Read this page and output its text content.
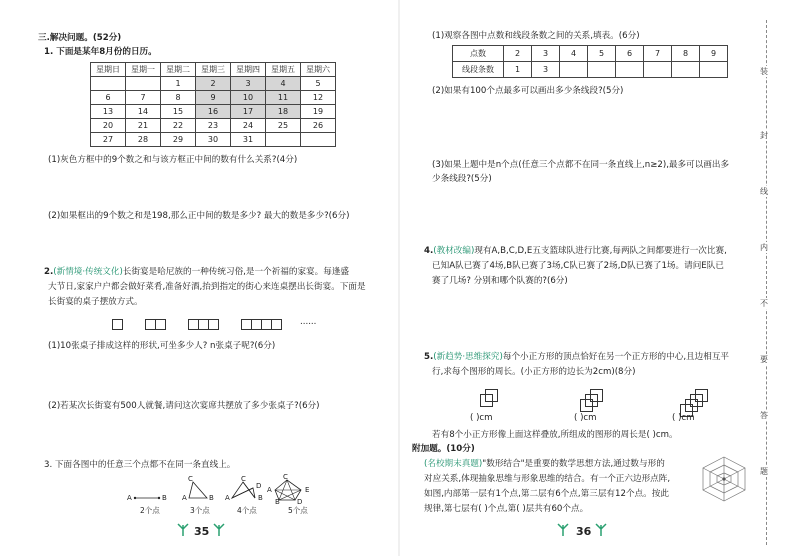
三.解决问题。(52分)
1. 下面是某年8月份的日历。
星期日	星期一	星期二	星期三	星期四	星期五	星期六
		1	2	3	4	5
6	7	8	9	10	11	12
13	14	15	16	17	18	19
20	21	22	23	24	25	26
27	28	29	30	31		
(1)灰色方框中的9个数之和与该方框正中间的数有什么关系?(4分)
(2)如果框出的9个数之和是198,那么正中间的数是多少? 最大的数是多少?(6分)
2.(新情境·传统文化)长街宴是哈尼族的一种传统习俗,是一个祈福的家宴。每逢盛
大节日,家家户户都会做好菜肴,准备好酒,抬到指定的街心来连桌摆出长街宴。下面是
长街宴的桌子摆放方式。
......
(1)10张桌子排成这样的形状,可坐多少人? n张桌子呢?(6分)
(2)若某次长街宴有500人就餐,请问这次宴席共摆放了多少张桌子?(6分)
3. 下面各图中的任意三个点都不在同一条直线上。
A	B A
C
B A
C
B
D A
C
E
B D
2个点	3个点	4个点	5个点
35
(1)观察各图中点数和线段条数之间的关系,填表。(6分)
点数	2	3	4	5	6	7	8	9
线段条数	1	3						
(2)如果有100个点最多可以画出多少条线段?(5分)
(3)如果上题中是n个点(任意三个点都不在同一条直线上,n≥2),最多可以画出多
少条线段?(5分)
4.(教材改编)现有A,B,C,D,E五支篮球队进行比赛,每两队之间都要进行一次比赛,
已知A队已赛了4场,B队已赛了3场,C队已赛了2场,D队已赛了1场。请问E队已
赛了几场? 分别和哪个队赛的?(6分)
5.(新趋势·思维探究)每个小正方形的顶点恰好在另一个正方形的中心,且边相互平
行,求每个图形的周长。(小正方形的边长为2cm)(8分)
( )cm	( )cm	( )cm
若有8个小正方形像上面这样叠放,所组成的图形的周长是( )cm。
附加题。(10分)
(名校期末真题)"数形结合"是重要的数学思想方法,通过数与形的
对应关系,体现抽象思维与形象思维的结合。有一个正六边形点阵,
如图,内部第一层有1个点,第二层有6个点,第三层有12个点。按此
规律,第七层有( )个点,第( )层共有60个点。
36
装
封
线
内
不
要
答
题
